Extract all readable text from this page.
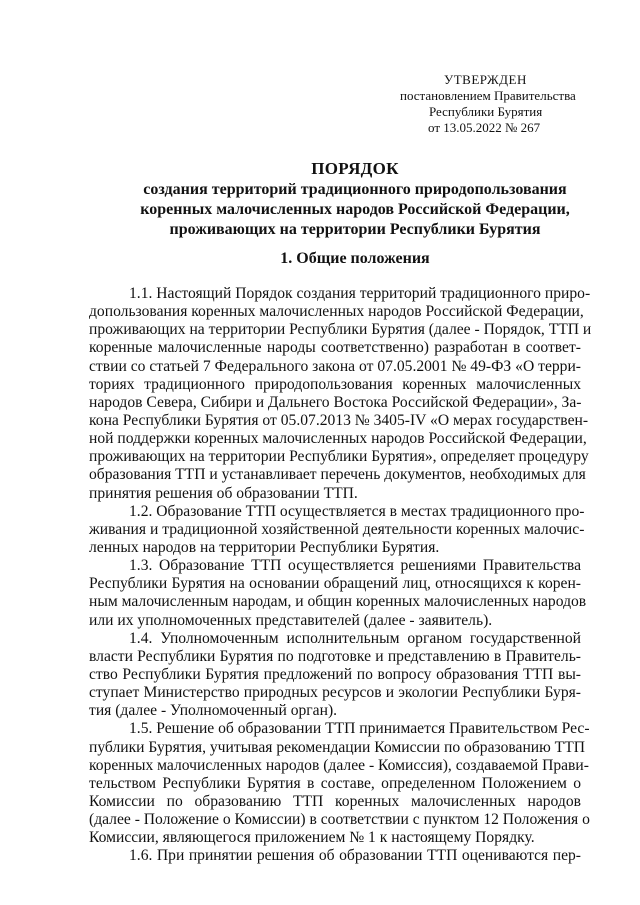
УТВЕРЖДЕН
постановлением Правительства
Республики Бурятия
от 13.05.2022 № 267
ПОРЯДОК
создания территорий традиционного природопользования
коренных малочисленных народов Российской Федерации,
проживающих на территории Республики Бурятия
1. Общие положения
1.1. Настоящий Порядок создания территорий традиционного приро-
допользования коренных малочисленных народов Российской Федерации,
проживающих на территории Республики Бурятия (далее - Порядок, ТТП и
коренные малочисленные народы соответственно) разработан в соответ-
ствии со статьей 7 Федерального закона от 07.05.2001 № 49-ФЗ «О терри-
ториях традиционного природопользования коренных малочисленных
народов Севера, Сибири и Дальнего Востока Российской Федерации», За-
кона Республики Бурятия от 05.07.2013 № 3405-IV «О мерах государствен-
ной поддержки коренных малочисленных народов Российской Федерации,
проживающих на территории Республики Бурятия», определяет процедуру
образования ТТП и устанавливает перечень документов, необходимых для
принятия решения об образовании ТТП.
1.2. Образование ТТП осуществляется в местах традиционного про-
живания и традиционной хозяйственной деятельности коренных малочис-
ленных народов на территории Республики Бурятия.
1.3. Образование ТТП осуществляется решениями Правительства
Республики Бурятия на основании обращений лиц, относящихся к корен-
ным малочисленным народам, и общин коренных малочисленных народов
или их уполномоченных представителей (далее - заявитель).
1.4. Уполномоченным исполнительным органом государственной
власти Республики Бурятия по подготовке и представлению в Правитель-
ство Республики Бурятия предложений по вопросу образования ТТП вы-
ступает Министерство природных ресурсов и экологии Республики Буря-
тия (далее - Уполномоченный орган).
1.5. Решение об образовании ТТП принимается Правительством Рес-
публики Бурятия, учитывая рекомендации Комиссии по образованию ТТП
коренных малочисленных народов (далее - Комиссия), создаваемой Прави-
тельством Республики Бурятия в составе, определенном Положением о
Комиссии по образованию ТТП коренных малочисленных народов
(далее - Положение о Комиссии) в соответствии с пунктом 12 Положения о
Комиссии, являющегося приложением № 1 к настоящему Порядку.
1.6. При принятии решения об образовании ТТП оцениваются пер-
